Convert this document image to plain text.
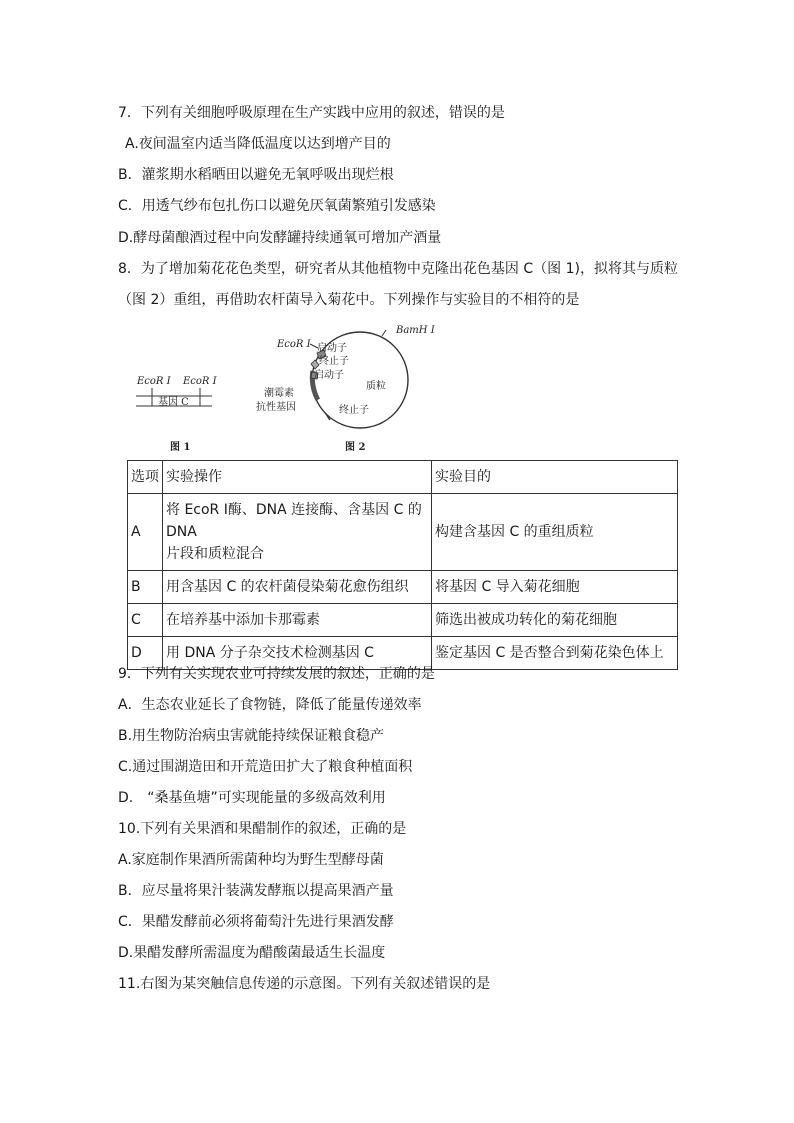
7．下列有关细胞呼吸原理在生产实践中应用的叙述，错误的是
A.夜间温室内适当降低温度以达到增产目的
B．灌浆期水稻晒田以避免无氧呼吸出现烂根
C．用透气纱布包扎伤口以避免厌氧菌繁殖引发感染
D.酵母菌酿酒过程中向发酵罐持续通氧可增加产酒量
8．为了增加菊花花色类型，研究者从其他植物中克隆出花色基因 C（图 1)，拟将其与质粒
（图 2）重组，再借助农杆菌导入菊花中。下列操作与实验目的不相符的是
EcoR Ⅰ EcoR Ⅰ
基因 C
图 1
BamH Ⅰ
EcoR Ⅰ 启动子
终止子
启动子
质粒
潮霉素
抗性基因	终止子
图 2
选项	实验操作	实验目的
A	将 EcoR Ⅰ酶、DNA 连接酶、含基因 C 的 DNA
片段和质粒混合	构建含基因 C 的重组质粒
B	用含基因 C 的农杆菌侵染菊花愈伤组织	将基因 C 导入菊花细胞
C	在培养基中添加卡那霉素	筛选出被成功转化的菊花细胞
D	用 DNA 分子杂交技术检测基因 C	鉴定基因 C 是否整合到菊花染色体上
9．下列有关实现农业可持续发展的叙述，正确的是
A．生态农业延长了食物链，降低了能量传递效率
B.用生物防治病虫害就能持续保证粮食稳产
C.通过围湖造田和开荒造田扩大了粮食种植面积
D.　“桑基鱼塘”可实现能量的多级高效利用
10.下列有关果酒和果醋制作的叙述，正确的是
A.家庭制作果酒所需菌种均为野生型酵母菌
B．应尽量将果汁装满发酵瓶以提高果酒产量
C．果醋发酵前必须将葡萄汁先进行果酒发酵
D.果醋发酵所需温度为醋酸菌最适生长温度
11.右图为某突触信息传递的示意图。下列有关叙述错误的是
